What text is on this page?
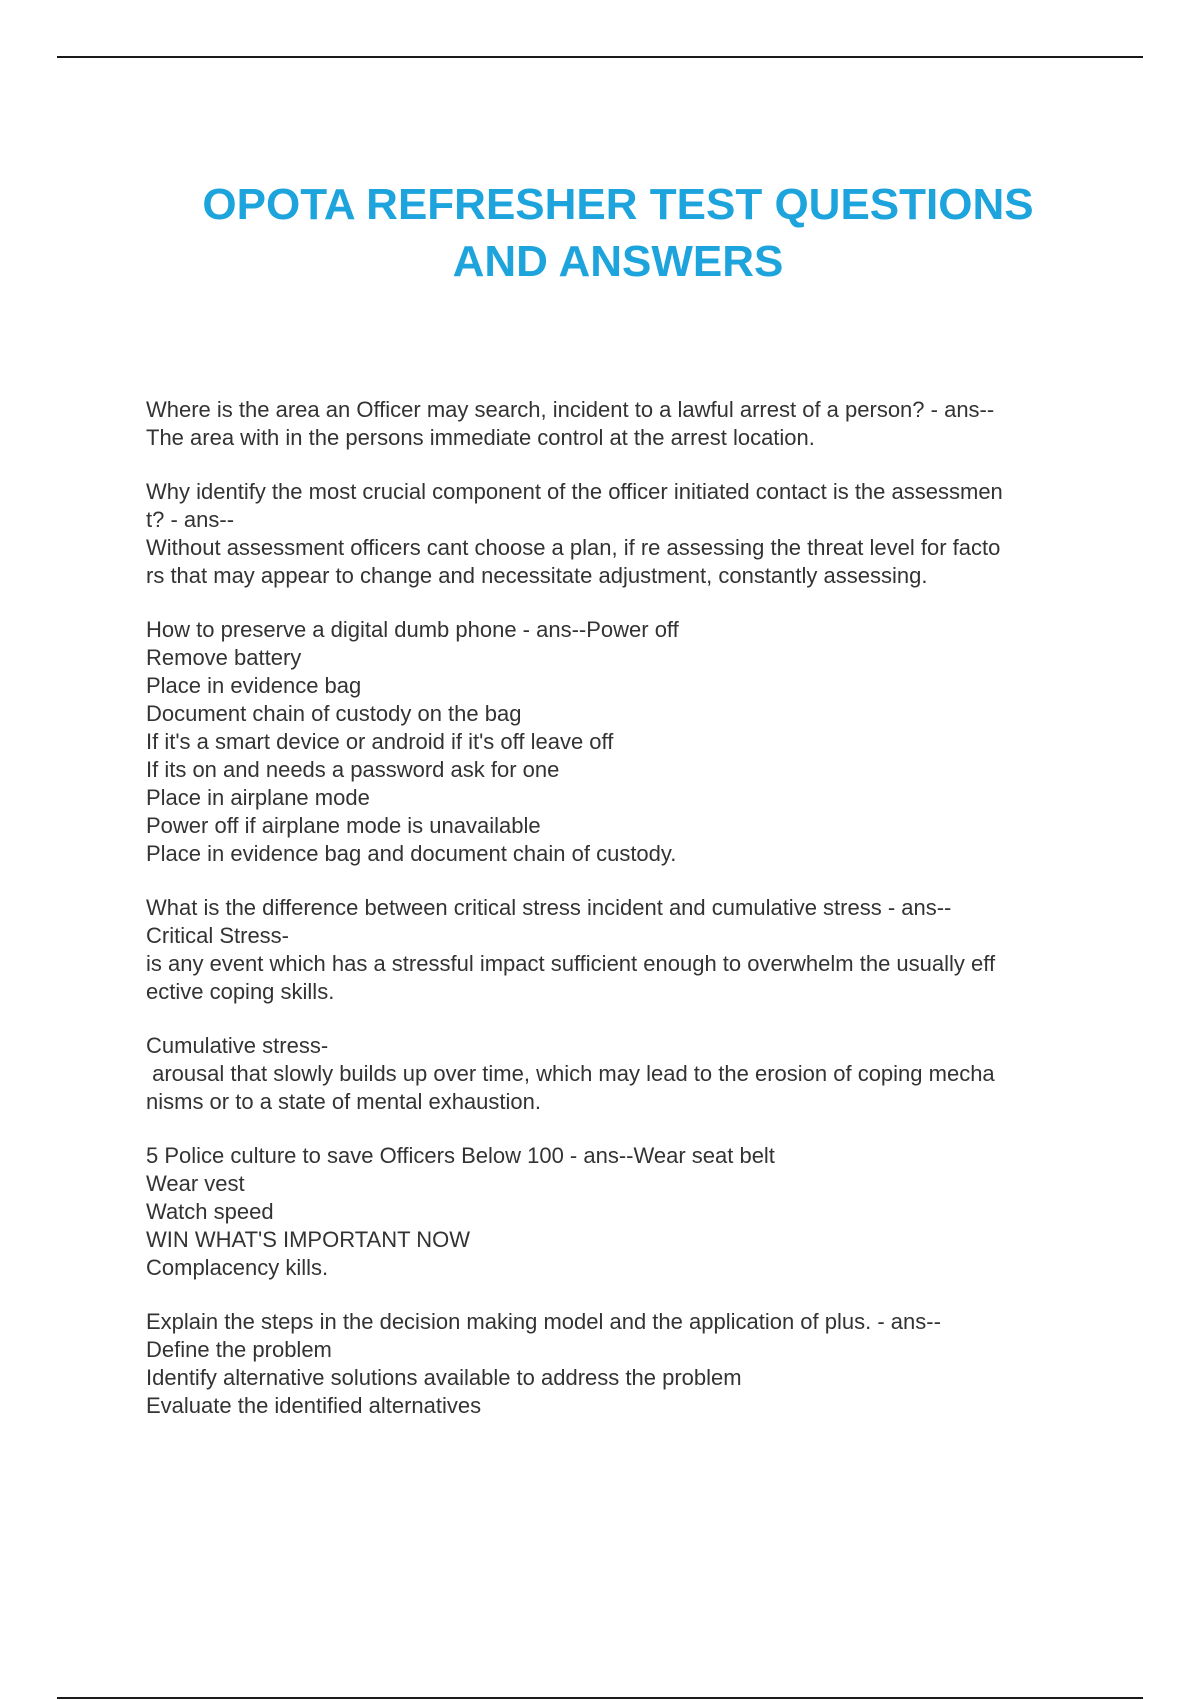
OPOTA REFRESHER TEST QUESTIONS
AND ANSWERS

Where is the area an Officer may search, incident to a lawful arrest of a person? - ans--
The area with in the persons immediate control at the arrest location.

Why identify the most crucial component of the officer initiated contact is the assessmen
t? - ans--
Without assessment officers cant choose a plan, if re assessing the threat level for facto
rs that may appear to change and necessitate adjustment, constantly assessing.

How to preserve a digital dumb phone - ans--Power off
Remove battery
Place in evidence bag
Document chain of custody on the bag
If it's a smart device or android if it's off leave off
If its on and needs a password ask for one
Place in airplane mode
Power off if airplane mode is unavailable
Place in evidence bag and document chain of custody.

What is the difference between critical stress incident and cumulative stress - ans--
Critical Stress-
is any event which has a stressful impact sufficient enough to overwhelm the usually eff
ective coping skills.

Cumulative stress-
arousal that slowly builds up over time, which may lead to the erosion of coping mecha
nisms or to a state of mental exhaustion.

5 Police culture to save Officers Below 100 - ans--Wear seat belt
Wear vest
Watch speed
WIN WHAT'S IMPORTANT NOW
Complacency kills.

Explain the steps in the decision making model and the application of plus. - ans--
Define the problem
Identify alternative solutions available to address the problem
Evaluate the identified alternatives
